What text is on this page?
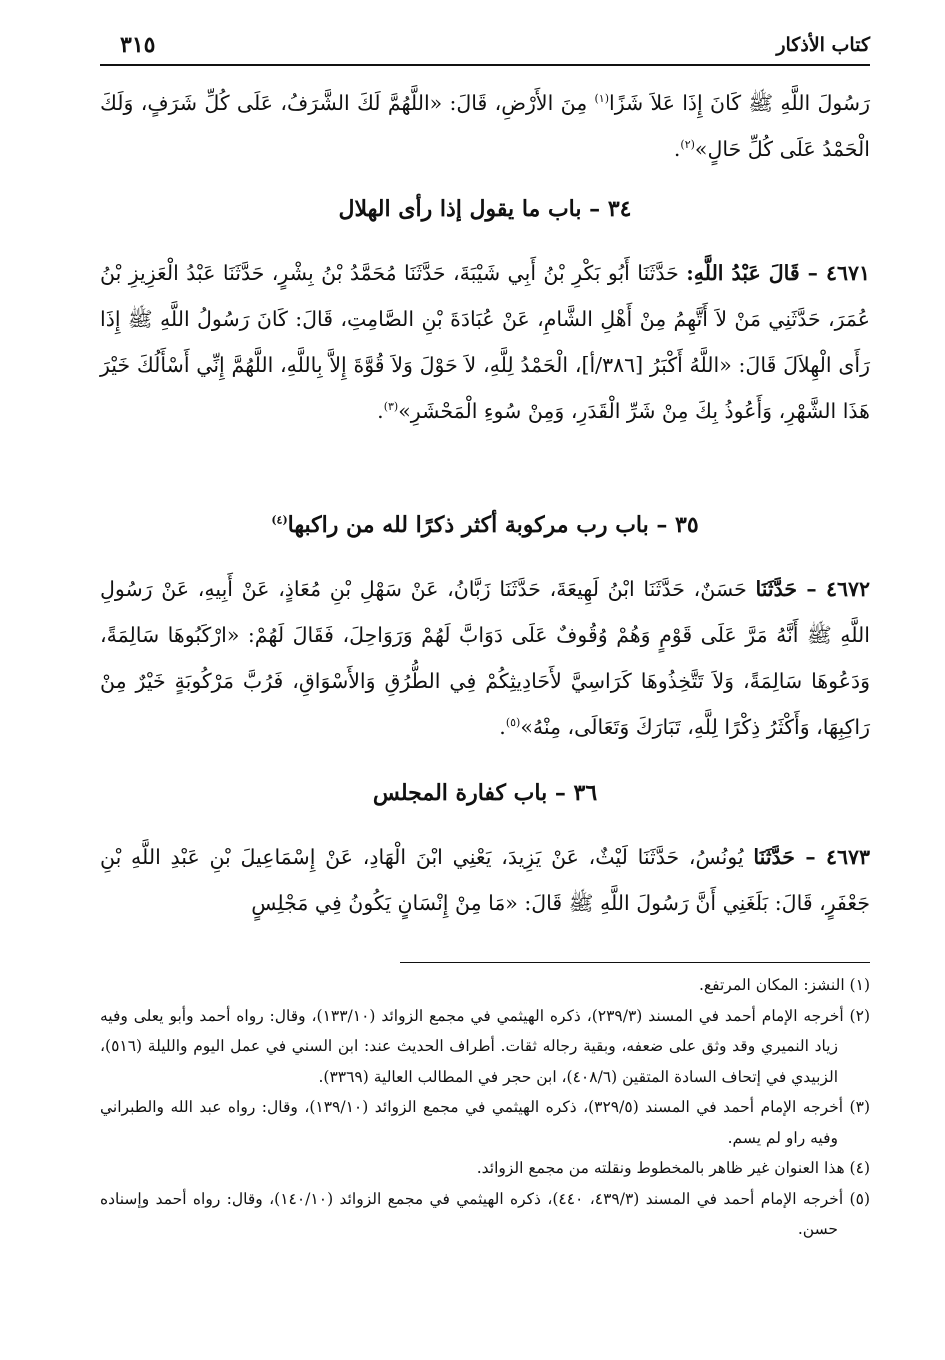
كتاب الأذكار
٣١٥

رَسُولَ اللَّهِ ﷺ كَانَ إِذَا عَلاَ شَزًا$^{(١)}$ مِنَ الأَرْضِ، قَالَ: «اللَّهُمَّ لَكَ الشَّرَفُ، عَلَى كُلِّ شَرَفٍ، وَلَكَ الْحَمْدُ عَلَى كُلِّ حَالٍ»$^{(٢)}$.

٣٤ – باب ما يقول إذا رأى الهلال

٤٦٧١ – قَالَ عَبْدُ اللَّهِ: حَدَّثَنَا أَبُو بَكْرِ بْنُ أَبِي شَيْبَةَ، حَدَّثَنَا مُحَمَّدُ بْنُ بِشْرٍ، حَدَّثَنَا عَبْدُ الْعَزِيزِ بْنُ عُمَرَ، حَدَّثَنِي مَنْ لاَ أَتَّهِمُ مِنْ أَهْلِ الشَّامِ، عَنْ عُبَادَةَ بْنِ الصَّامِتِ، قَالَ: كَانَ رَسُولُ اللَّهِ ﷺ إِذَا رَأَى الْهِلاَلَ قَالَ: «اللَّهُ أَكْبَرُ [٣٨٦/أ]، الْحَمْدُ لِلَّهِ، لاَ حَوْلَ وَلاَ قُوَّةَ إِلاَّ بِاللَّهِ، اللَّهُمَّ إِنِّي أَسْأَلُكَ خَيْرَ هَذَا الشَّهْرِ، وَأَعُوذُ بِكَ مِنْ شَرِّ الْقَدَرِ، وَمِنْ سُوءِ الْمَحْشَرِ»$^{(٣)}$.

٣٥ – باب رب مركوبة أكثر ذكرًا لله من راكبها$^{(٤)}$

٤٦٧٢ – حَدَّثَنَا حَسَنٌ، حَدَّثَنَا ابْنُ لَهِيعَةَ، حَدَّثَنَا زَبَّانُ، عَنْ سَهْلِ بْنِ مُعَاذٍ، عَنْ أَبِيهِ، عَنْ رَسُولِ اللَّهِ ﷺ أَنَّهُ مَرَّ عَلَى قَوْمٍ وَهُمْ وُقُوفٌ عَلَى دَوَابَّ لَهُمْ وَرَوَاحِلَ، فَقَالَ لَهُمْ: «ارْكَبُوهَا سَالِمَةً، وَدَعُوهَا سَالِمَةً، وَلاَ تَتَّخِذُوهَا كَرَاسِيَّ لأَحَادِيثِكُمْ فِي الطُّرُقِ وَالأَسْوَاقِ، فَرُبَّ مَرْكُوبَةٍ خَيْرٌ مِنْ رَاكِبِهَا، وَأَكْثَرُ ذِكْرًا لِلَّهِ، تَبَارَكَ وَتَعَالَى، مِنْهُ»$^{(٥)}$.

٣٦ – باب كفارة المجلس

٤٦٧٣ – حَدَّثَنَا يُونُسُ، حَدَّثَنَا لَيْثٌ، عَنْ يَزِيدَ، يَعْنِي ابْنَ الْهَادِ، عَنْ إِسْمَاعِيلَ بْنِ عَبْدِ اللَّهِ بْنِ جَعْفَرٍ، قَالَ: بَلَغَنِي أَنَّ رَسُولَ اللَّهِ ﷺ قَالَ: «مَا مِنْ إِنْسَانٍ يَكُونُ فِي مَجْلِسٍ

(١) النشز: المكان المرتفع.

(٢) أخرجه الإمام أحمد في المسند (٢٣٩/٣)، ذكره الهيثمي في مجمع الزوائد (١٣٣/١٠)، وقال: رواه أحمد وأبو يعلى وفيه زياد النميري وقد وثق على ضعفه، وبقية رجاله ثقات. أطراف الحديث عند: ابن السني في عمل اليوم والليلة (٥١٦)، الزبيدي في إتحاف السادة المتقين (٤٠٨/٦)، ابن حجر في المطالب العالية (٣٣٦٩).

(٣) أخرجه الإمام أحمد في المسند (٣٢٩/٥)، ذكره الهيثمي في مجمع الزوائد (١٣٩/١٠)، وقال: رواه عبد الله والطبراني وفيه راو لم يسم.

(٤) هذا العنوان غير ظاهر بالمخطوط ونقلته من مجمع الزوائد.

(٥) أخرجه الإمام أحمد في المسند (٤٣٩/٣، ٤٤٠)، ذكره الهيثمي في مجمع الزوائد (١٤٠/١٠)، وقال: رواه أحمد وإسناده حسن.
